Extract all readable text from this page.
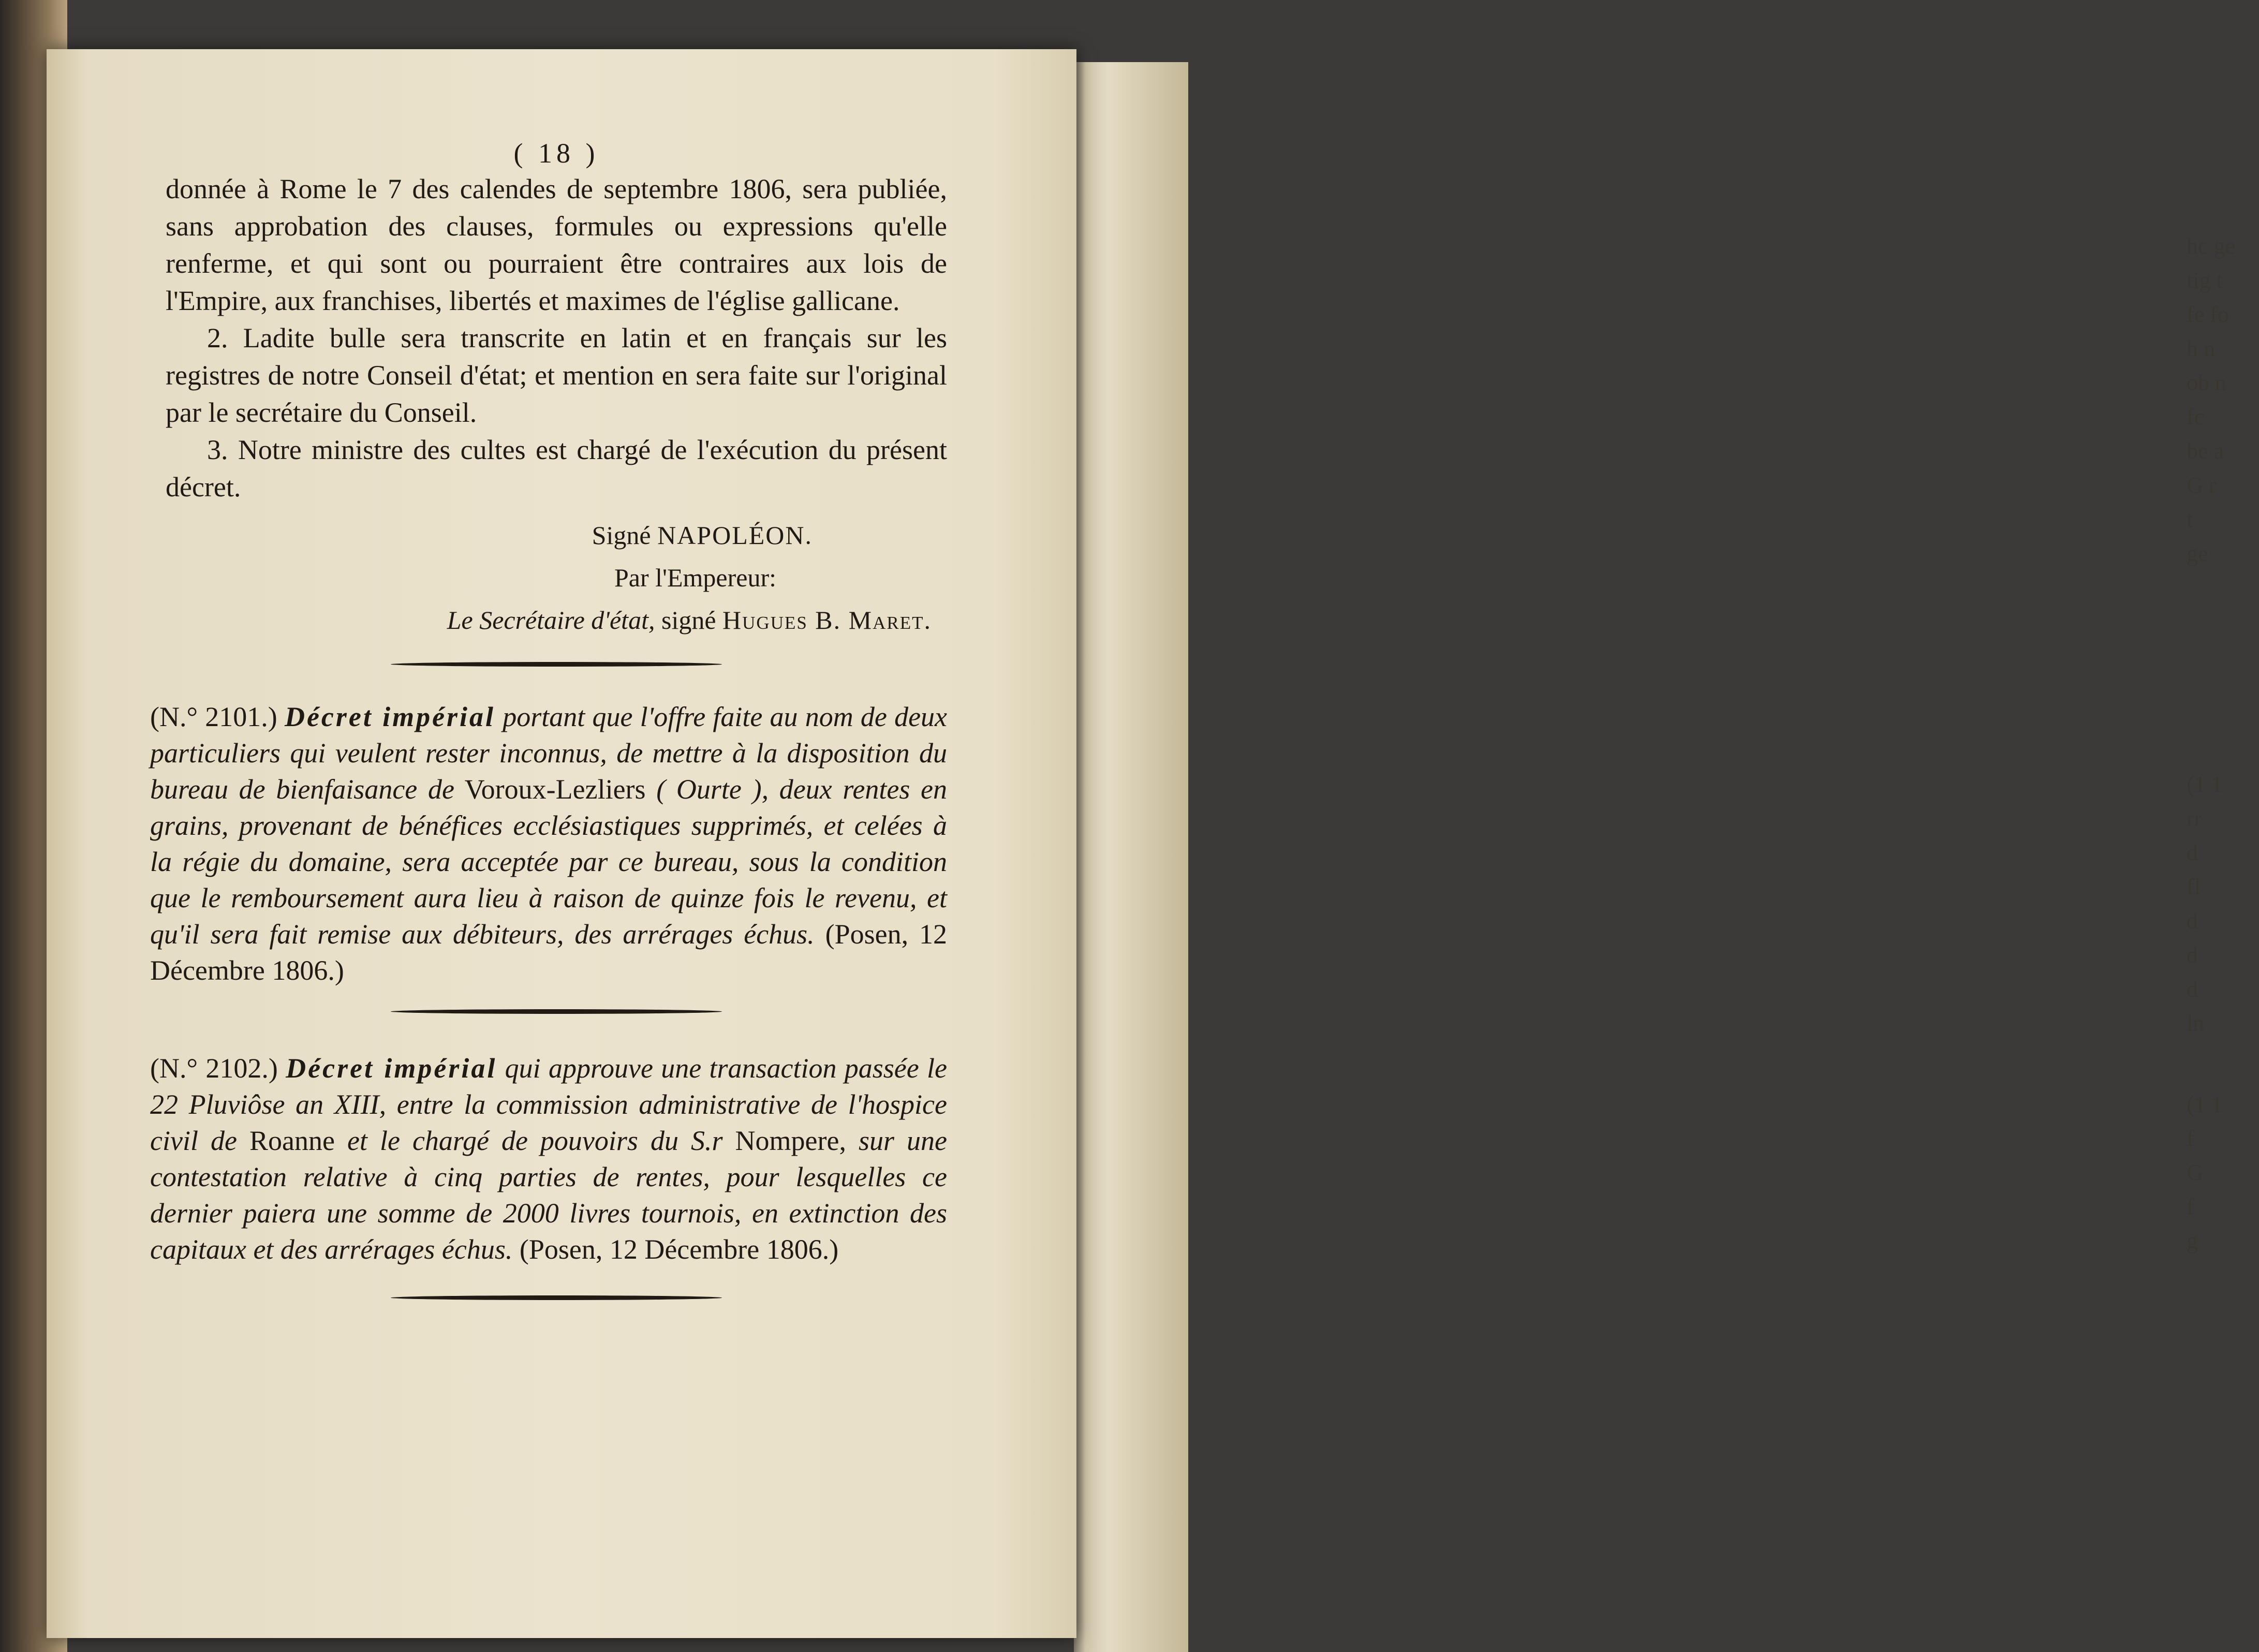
hc ge
tig t
fe fo
h n
ob n
fc
be a
G r
t
ge
(1 1
rr
d
fl
d
d
d
ln
(1 1
f
G
f
g
( 18 )

donnée à Rome le 7 des calendes de septembre 1806, sera publiée, sans approbation des clauses, formules ou expressions qu'elle renferme, et qui sont ou pourraient être contraires aux lois de l'Empire, aux franchises, libertés et maximes de l'église gallicane.

2. Ladite bulle sera transcrite en latin et en français sur les registres de notre Conseil d'état; et mention en sera faite sur l'original par le secrétaire du Conseil.

3. Notre ministre des cultes est chargé de l'exécution du présent décret.

Signé NAPOLÉON.
Par l'Empereur:
Le Secrétaire d'état, signé Hugues B. Maret.
(N.° 2101.) Décret impérial portant que l'offre faite au nom de deux particuliers qui veulent rester inconnus, de mettre à la disposition du bureau de bienfaisance de Voroux-Lezliers ( Ourte ), deux rentes en grains, provenant de bénéfices ecclésiastiques supprimés, et celées à la régie du domaine, sera acceptée par ce bureau, sous la condition que le remboursement aura lieu à raison de quinze fois le revenu, et qu'il sera fait remise aux débiteurs, des arrérages échus. (Posen, 12 Décembre 1806.)
(N.° 2102.) Décret impérial qui approuve une transaction passée le 22 Pluviôse an XIII, entre la commission administrative de l'hospice civil de Roanne et le chargé de pouvoirs du S.r Nompere, sur une contestation relative à cinq parties de rentes, pour lesquelles ce dernier paiera une somme de 2000 livres tournois, en extinction des capitaux et des arrérages échus. (Posen, 12 Décembre 1806.)
